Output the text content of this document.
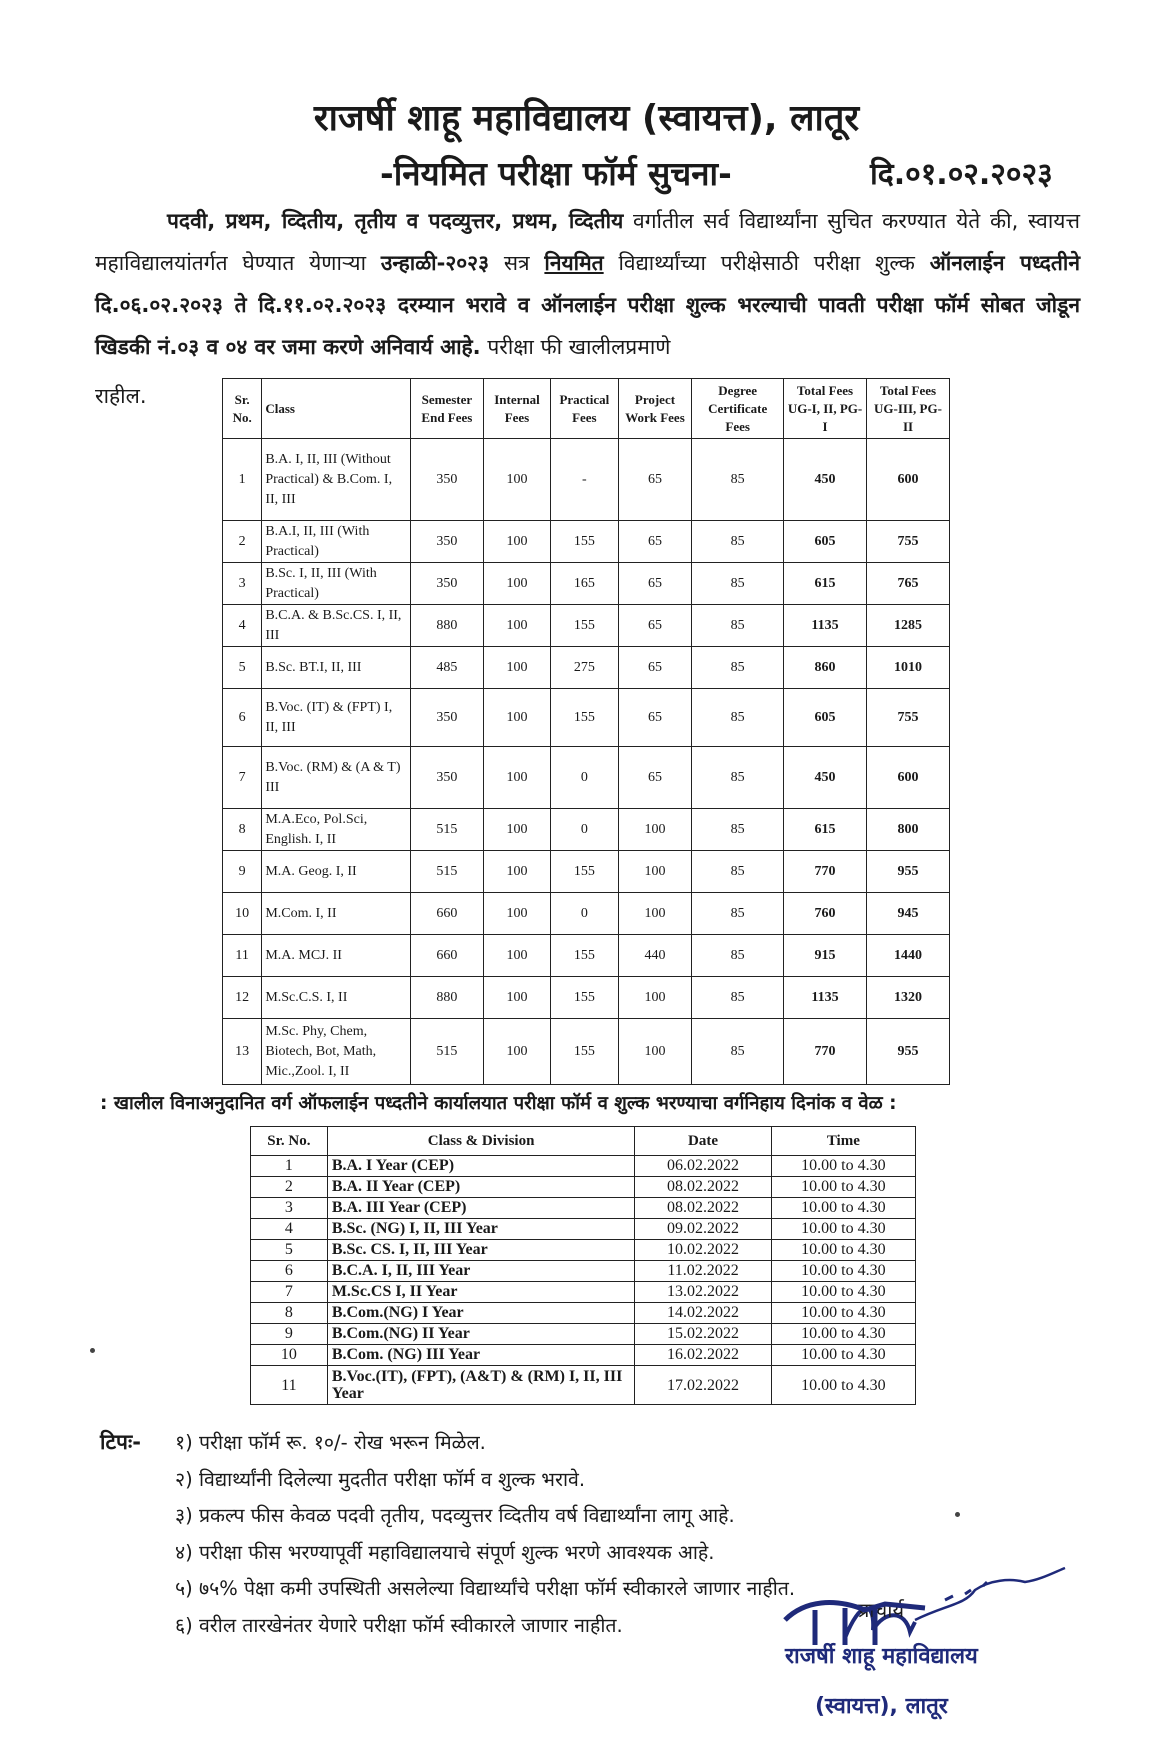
राजर्षी शाहू महाविद्यालय (स्वायत्त), लातूर
-नियमित परीक्षा फॉर्म सुचना-	दि.०१.०२.२०२३
पदवी, प्रथम, व्दितीय, तृतीय व पदव्युत्तर, प्रथम, व्दितीय वर्गातील सर्व विद्यार्थ्यांना सुचित करण्यात येते की, स्वायत्त महाविद्यालयांतर्गत घेण्यात येणाऱ्या उन्हाळी-२०२३ सत्र नियमित विद्यार्थ्यांच्या परीक्षेसाठी परीक्षा शुल्क ऑनलाईन पध्दतीने दि.०६.०२.२०२३ ते दि.११.०२.२०२३ दरम्यान भरावे व ऑनलाईन परीक्षा शुल्क भरल्याची पावती परीक्षा फॉर्म सोबत जोडून खिडकी नं.०३ व ०४ वर जमा करणे अनिवार्य आहे. परीक्षा फी खालीलप्रमाणे
राहील.	Sr. No.	Class	Semester End Fees	Internal Fees	Practical Fees	Project Work Fees	Degree Certificate Fees	Total Fees UG-I, II, PG-I	Total Fees UG-III, PG- II
1	B.A. I, II, III (Without Practical) & B.Com. I, II, III	350	100	-	65	85	450	600
2	B.A.I, II, III (With Practical)	350	100	155	65	85	605	755
3	B.Sc. I, II, III (With Practical)	350	100	165	65	85	615	765
4	B.C.A. & B.Sc.CS. I, II, III	880	100	155	65	85	1135	1285
5	B.Sc. BT.I, II, III	485	100	275	65	85	860	1010
6	B.Voc. (IT) & (FPT) I, II, III	350	100	155	65	85	605	755
7	B.Voc. (RM) & (A & T) III	350	100	0	65	85	450	600
8	M.A.Eco, Pol.Sci, English. I, II	515	100	0	100	85	615	800
9	M.A. Geog. I, II	515	100	155	100	85	770	955
10	M.Com. I, II	660	100	0	100	85	760	945
11	M.A. MCJ. II	660	100	155	440	85	915	1440
12	M.Sc.C.S. I, II	880	100	155	100	85	1135	1320
13	M.Sc. Phy, Chem, Biotech, Bot, Math, Mic.,Zool. I, II	515	100	155	100	85	770	955
: खालील विनाअनुदानित वर्ग ऑफलाईन पध्दतीने कार्यालयात परीक्षा फॉर्म व शुल्क भरण्याचा वर्गनिहाय दिनांक व वेळ :
Sr. No.	Class & Division	Date	Time
1	B.A. I Year (CEP)	06.02.2022	10.00 to 4.30
2	B.A. II Year (CEP)	08.02.2022	10.00 to 4.30
3	B.A. III Year (CEP)	08.02.2022	10.00 to 4.30
4	B.Sc. (NG) I, II, III Year	09.02.2022	10.00 to 4.30
5	B.Sc. CS. I, II, III Year	10.02.2022	10.00 to 4.30
6	B.C.A. I, II, III Year	11.02.2022	10.00 to 4.30
7	M.Sc.CS I, II Year	13.02.2022	10.00 to 4.30
8	B.Com.(NG) I Year	14.02.2022	10.00 to 4.30
9	B.Com.(NG) II Year	15.02.2022	10.00 to 4.30
10	B.Com. (NG) III Year	16.02.2022	10.00 to 4.30
11	B.Voc.(IT), (FPT), (A&T) & (RM) I, II, III Year	17.02.2022	10.00 to 4.30
टिपः- १) परीक्षा फॉर्म रू. १०/- रोख भरून मिळेल.
२) विद्यार्थ्यांनी दिलेल्या मुदतीत परीक्षा फॉर्म व शुल्क भरावे.
३) प्रकल्प फीस केवळ पदवी तृतीय, पदव्युत्तर व्दितीय वर्ष विद्यार्थ्यांना लागू आहे.
४) परीक्षा फीस भरण्यापूर्वी महाविद्यालयाचे संपूर्ण शुल्क भरणे आवश्यक आहे.
५) ७५% पेक्षा कमी उपस्थिती असलेल्या विद्यार्थ्यांचे परीक्षा फॉर्म स्वीकारले जाणार नाहीत.
६) वरील तारखेनंतर येणारे परीक्षा फॉर्म स्वीकारले जाणार नाहीत.
प्राचार्य
राजर्षी शाहू महाविद्यालय
(स्वायत्त), लातूर
